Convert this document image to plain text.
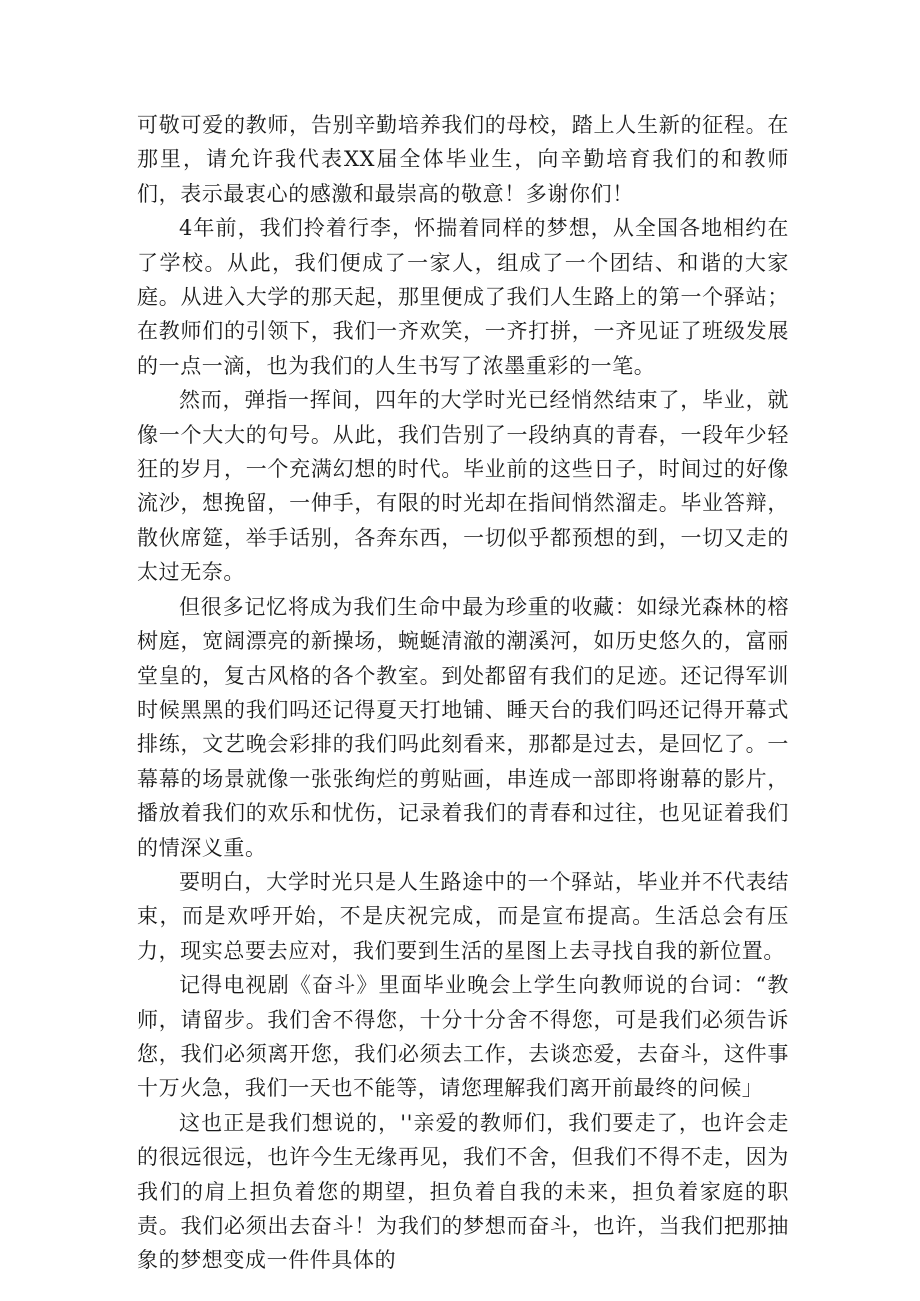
可敬可爱的教师，告别辛勤培养我们的母校，踏上人生新的征程。在那里，请允许我代表XX届全体毕业生，向辛勤培育我们的和教师们，表示最衷心的感激和最崇高的敬意！多谢你们！

4年前，我们拎着行李，怀揣着同样的梦想，从全国各地相约在了学校。从此，我们便成了一家人，组成了一个团结、和谐的大家庭。从进入大学的那天起，那里便成了我们人生路上的第一个驿站；在教师们的引领下，我们一齐欢笑，一齐打拼，一齐见证了班级发展的一点一滴，也为我们的人生书写了浓墨重彩的一笔。

然而，弹指一挥间，四年的大学时光已经悄然结束了，毕业，就像一个大大的句号。从此，我们告别了一段纳真的青春，一段年少轻狂的岁月，一个充满幻想的时代。毕业前的这些日子，时间过的好像流沙，想挽留，一伸手，有限的时光却在指间悄然溜走。毕业答辩，散伙席筵，举手话别，各奔东西，一切似乎都预想的到，一切又走的太过无奈。

但很多记忆将成为我们生命中最为珍重的收藏：如绿光森林的榕树庭，宽阔漂亮的新操场，蜿蜒清澈的潮溪河，如历史悠久的，富丽堂皇的，复古风格的各个教室。到处都留有我们的足迹。还记得军训时候黑黑的我们吗还记得夏天打地铺、睡天台的我们吗还记得开幕式排练，文艺晚会彩排的我们吗此刻看来，那都是过去，是回忆了。一幕幕的场景就像一张张绚烂的剪贴画，串连成一部即将谢幕的影片，播放着我们的欢乐和忧伤，记录着我们的青春和过往，也见证着我们的情深义重。

要明白，大学时光只是人生路途中的一个驿站，毕业并不代表结束，而是欢呼开始，不是庆祝完成，而是宣布提高。生活总会有压力，现实总要去应对，我们要到生活的星图上去寻找自我的新位置。

记得电视剧《奋斗》里面毕业晚会上学生向教师说的台词：“教师，请留步。我们舍不得您，十分十分舍不得您，可是我们必须告诉您，我们必须离开您，我们必须去工作，去谈恋爱，去奋斗，这件事十万火急，我们一天也不能等，请您理解我们离开前最终的问候」

这也正是我们想说的，''亲爱的教师们，我们要走了，也许会走的很远很远，也许今生无缘再见，我们不舍，但我们不得不走，因为我们的肩上担负着您的期望，担负着自我的未来，担负着家庭的职责。我们必须出去奋斗！为我们的梦想而奋斗，也许，当我们把那抽象的梦想变成一件件具体的
